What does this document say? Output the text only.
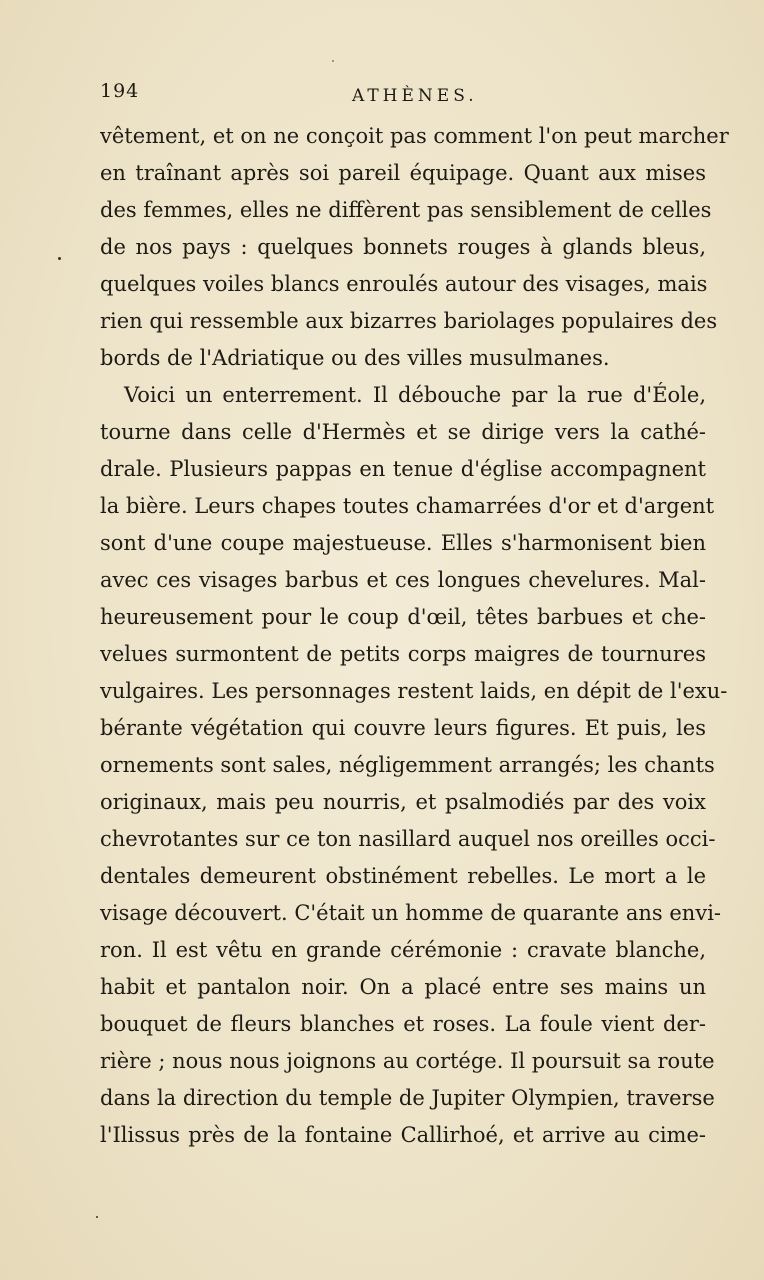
194	ATHÈNES.
vêtement, et on ne conçoit pas comment l'on peut marcher
en traînant après soi pareil équipage. Quant aux mises
des femmes, elles ne diffèrent pas sensiblement de celles
de nos pays : quelques bonnets rouges à glands bleus,
quelques voiles blancs enroulés autour des visages, mais
rien qui ressemble aux bizarres bariolages populaires des
bords de l'Adriatique ou des villes musulmanes.
Voici un enterrement. Il débouche par la rue d'Éole,
tourne dans celle d'Hermès et se dirige vers la cathé-
drale. Plusieurs pappas en tenue d'église accompagnent
la bière. Leurs chapes toutes chamarrées d'or et d'argent
sont d'une coupe majestueuse. Elles s'harmonisent bien
avec ces visages barbus et ces longues chevelures. Mal-
heureusement pour le coup d'œil, têtes barbues et che-
velues surmontent de petits corps maigres de tournures
vulgaires. Les personnages restent laids, en dépit de l'exu-
bérante végétation qui couvre leurs figures. Et puis, les
ornements sont sales, négligemment arrangés; les chants
originaux, mais peu nourris, et psalmodiés par des voix
chevrotantes sur ce ton nasillard auquel nos oreilles occi-
dentales demeurent obstinément rebelles. Le mort a le
visage découvert. C'était un homme de quarante ans envi-
ron. Il est vêtu en grande cérémonie : cravate blanche,
habit et pantalon noir. On a placé entre ses mains un
bouquet de fleurs blanches et roses. La foule vient der-
rière ; nous nous joignons au cortége. Il poursuit sa route
dans la direction du temple de Jupiter Olympien, traverse
l'Ilissus près de la fontaine Callirhoé, et arrive au cime-
